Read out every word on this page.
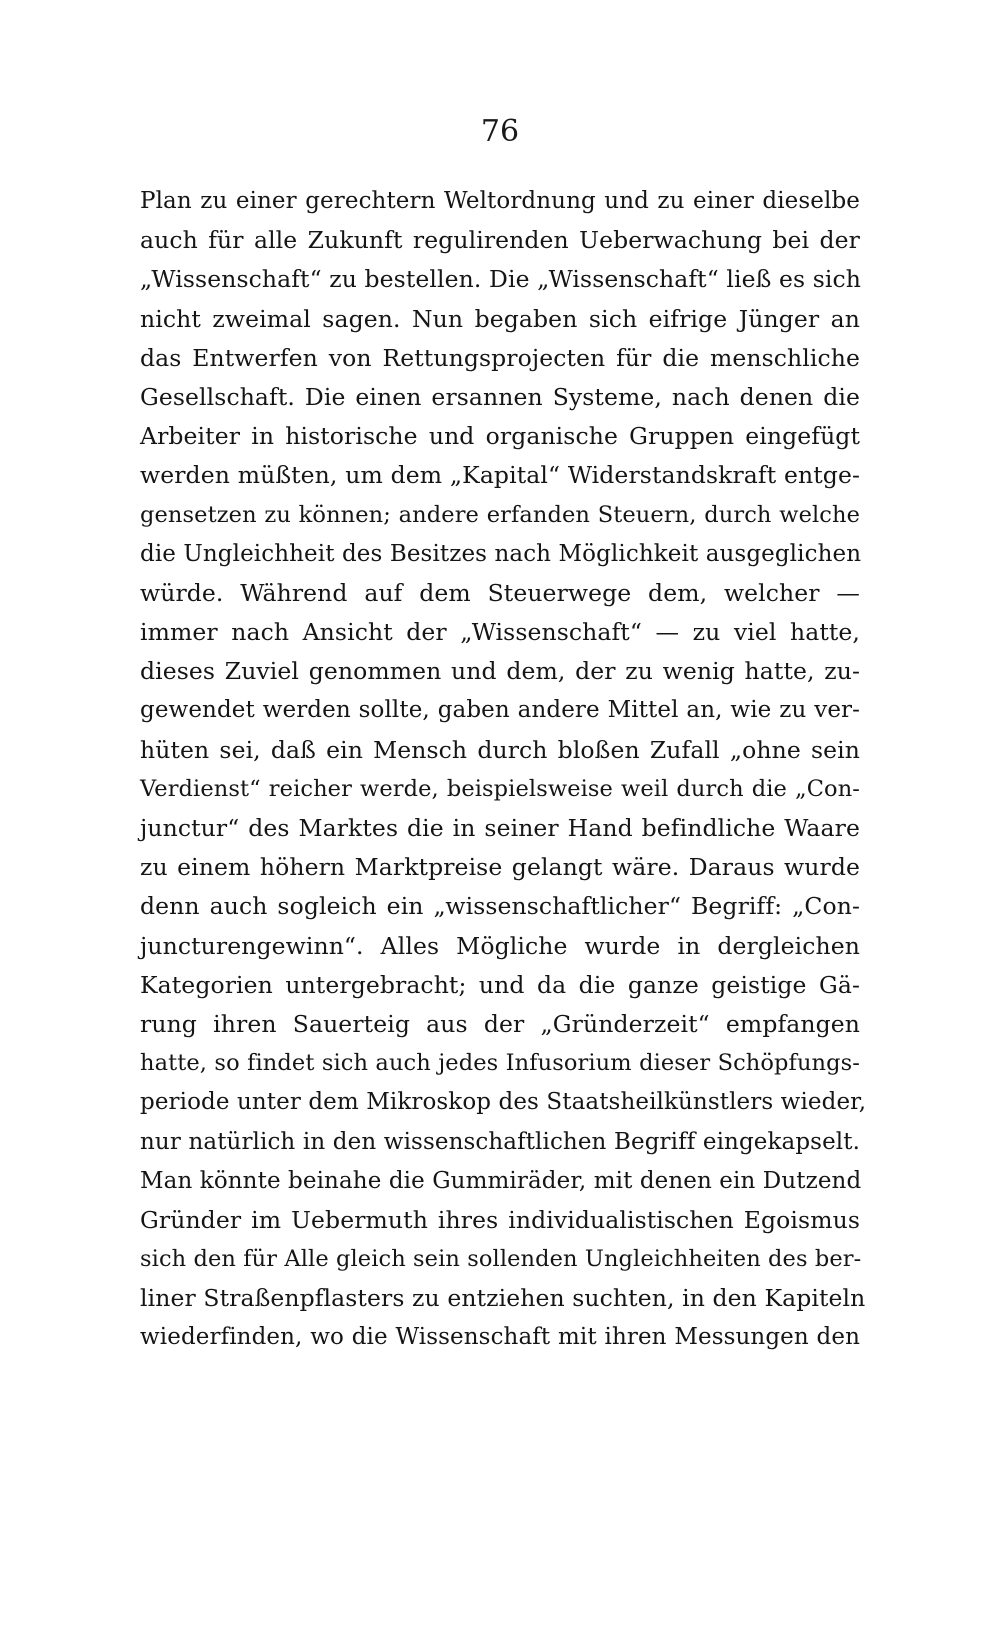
76
Plan zu einer gerechtern Weltordnung und zu einer dieselbe
auch für alle Zukunft regulirenden Ueberwachung bei der
„Wissenschaft“ zu bestellen. Die „Wissenschaft“ ließ es sich
nicht zweimal sagen. Nun begaben sich eifrige Jünger an
das Entwerfen von Rettungsprojecten für die menschliche
Gesellschaft. Die einen ersannen Systeme, nach denen die
Arbeiter in historische und organische Gruppen eingefügt
werden müßten, um dem „Kapital“ Widerstandskraft entge-
gensetzen zu können; andere erfanden Steuern, durch welche
die Ungleichheit des Besitzes nach Möglichkeit ausgeglichen
würde. Während auf dem Steuerwege dem, welcher —
immer nach Ansicht der „Wissenschaft“ — zu viel hatte,
dieses Zuviel genommen und dem, der zu wenig hatte, zu-
gewendet werden sollte, gaben andere Mittel an, wie zu ver-
hüten sei, daß ein Mensch durch bloßen Zufall „ohne sein
Verdienst“ reicher werde, beispielsweise weil durch die „Con-
junctur“ des Marktes die in seiner Hand befindliche Waare
zu einem höhern Marktpreise gelangt wäre. Daraus wurde
denn auch sogleich ein „wissenschaftlicher“ Begriff: „Con-
juncturengewinn“. Alles Mögliche wurde in dergleichen
Kategorien untergebracht; und da die ganze geistige Gä-
rung ihren Sauerteig aus der „Gründerzeit“ empfangen
hatte, so findet sich auch jedes Infusorium dieser Schöpfungs-
periode unter dem Mikroskop des Staatsheilkünstlers wieder,
nur natürlich in den wissenschaftlichen Begriff eingekapselt.
Man könnte beinahe die Gummiräder, mit denen ein Dutzend
Gründer im Uebermuth ihres individualistischen Egoismus
sich den für Alle gleich sein sollenden Ungleichheiten des ber-
liner Straßenpflasters zu entziehen suchten, in den Kapiteln
wiederfinden, wo die Wissenschaft mit ihren Messungen den
